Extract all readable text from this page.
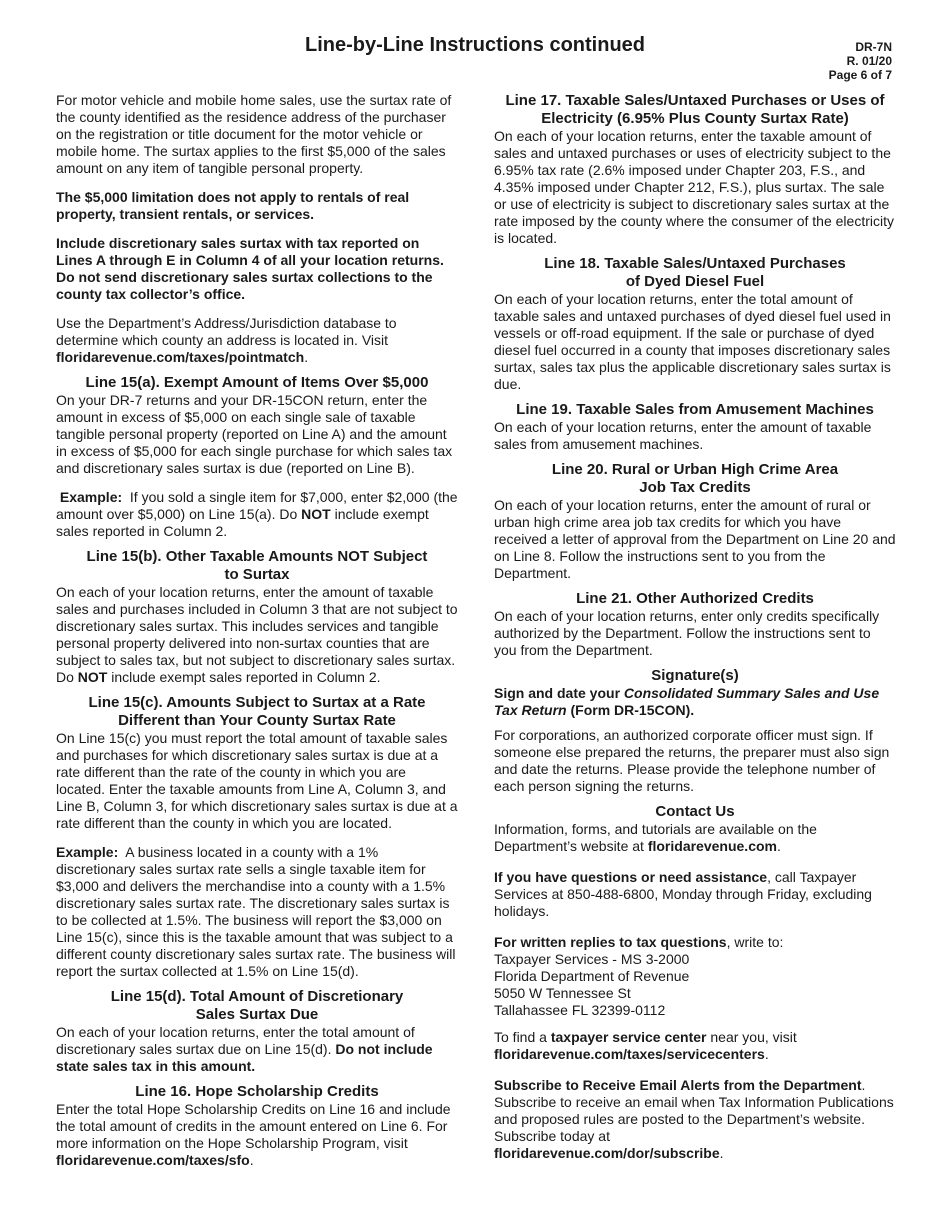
Line-by-Line Instructions continued	DR-7N
R. 01/20
Page 6 of 7

For motor vehicle and mobile home sales, use the surtax rate of the county identified as the residence address of the purchaser on the registration or title document for the motor vehicle or mobile home. The surtax applies to the first $5,000 of the sales amount on any item of tangible personal property.

The $5,000 limitation does not apply to rentals of real property, transient rentals, or services.

Include discretionary sales surtax with tax reported on Lines A through E in Column 4 of all your location returns. Do not send discretionary sales surtax collections to the county tax collector’s office.

Use the Department’s Address/Jurisdiction database to determine which county an address is located in. Visit floridarevenue.com/taxes/pointmatch.

Line 15(a). Exempt Amount of Items Over $5,000

On your DR-7 returns and your DR-15CON return, enter the amount in excess of $5,000 on each single sale of taxable tangible personal property (reported on Line A) and the amount in excess of $5,000 for each single purchase for which sales tax and discretionary sales surtax is due (reported on Line B).

Example: If you sold a single item for $7,000, enter $2,000 (the amount over $5,000) on Line 15(a). Do NOT include exempt sales reported in Column 2.

Line 15(b). Other Taxable Amounts NOT Subject
to Surtax

On each of your location returns, enter the amount of taxable sales and purchases included in Column 3 that are not subject to discretionary sales surtax. This includes services and tangible personal property delivered into non-surtax counties that are subject to sales tax, but not subject to discretionary sales surtax. Do NOT include exempt sales reported in Column 2.

Line 15(c). Amounts Subject to Surtax at a Rate
Different than Your County Surtax Rate

On Line 15(c) you must report the total amount of taxable sales and purchases for which discretionary sales surtax is due at a rate different than the rate of the county in which you are located. Enter the taxable amounts from Line A, Column 3, and Line B, Column 3, for which discretionary sales surtax is due at a rate different than the county in which you are located.

Example: A business located in a county with a 1% discretionary sales surtax rate sells a single taxable item for $3,000 and delivers the merchandise into a county with a 1.5% discretionary sales surtax rate. The discretionary sales surtax is to be collected at 1.5%. The business will report the $3,000 on Line 15(c), since this is the taxable amount that was subject to a different county discretionary sales surtax rate. The business will report the surtax collected at 1.5% on Line 15(d).

Line 15(d). Total Amount of Discretionary
Sales Surtax Due

On each of your location returns, enter the total amount of discretionary sales surtax due on Line 15(d). Do not include state sales tax in this amount.

Line 16. Hope Scholarship Credits

Enter the total Hope Scholarship Credits on Line 16 and include the total amount of credits in the amount entered on Line 6. For more information on the Hope Scholarship Program, visit floridarevenue.com/taxes/sfo.

Line 17. Taxable Sales/Untaxed Purchases or Uses of
Electricity (6.95% Plus County Surtax Rate)

On each of your location returns, enter the taxable amount of sales and untaxed purchases or uses of electricity subject to the 6.95% tax rate (2.6% imposed under Chapter 203, F.S., and 4.35% imposed under Chapter 212, F.S.), plus surtax. The sale or use of electricity is subject to discretionary sales surtax at the rate imposed by the county where the consumer of the electricity is located.

Line 18. Taxable Sales/Untaxed Purchases
of Dyed Diesel Fuel

On each of your location returns, enter the total amount of taxable sales and untaxed purchases of dyed diesel fuel used in vessels or off-road equipment. If the sale or purchase of dyed diesel fuel occurred in a county that imposes discretionary sales surtax, sales tax plus the applicable discretionary sales surtax is due.

Line 19. Taxable Sales from Amusement Machines

On each of your location returns, enter the amount of taxable sales from amusement machines.

Line 20. Rural or Urban High Crime Area
Job Tax Credits

On each of your location returns, enter the amount of rural or urban high crime area job tax credits for which you have received a letter of approval from the Department on Line 20 and on Line 8. Follow the instructions sent to you from the Department.

Line 21. Other Authorized Credits

On each of your location returns, enter only credits specifically authorized by the Department. Follow the instructions sent to you from the Department.

Signature(s)

Sign and date your Consolidated Summary Sales and Use Tax Return (Form DR-15CON).

For corporations, an authorized corporate officer must sign. If someone else prepared the returns, the preparer must also sign and date the returns. Please provide the telephone number of each person signing the returns.

Contact Us

Information, forms, and tutorials are available on the Department’s website at floridarevenue.com.

If you have questions or need assistance, call Taxpayer Services at 850-488-6800, Monday through Friday, excluding holidays.

For written replies to tax questions, write to:
Taxpayer Services - MS 3-2000
Florida Department of Revenue
5050 W Tennessee St
Tallahassee FL 32399-0112

To find a taxpayer service center near you, visit
floridarevenue.com/taxes/servicecenters.

Subscribe to Receive Email Alerts from the Department. Subscribe to receive an email when Tax Information Publications and proposed rules are posted to the Department’s website. Subscribe today at
floridarevenue.com/dor/subscribe.
